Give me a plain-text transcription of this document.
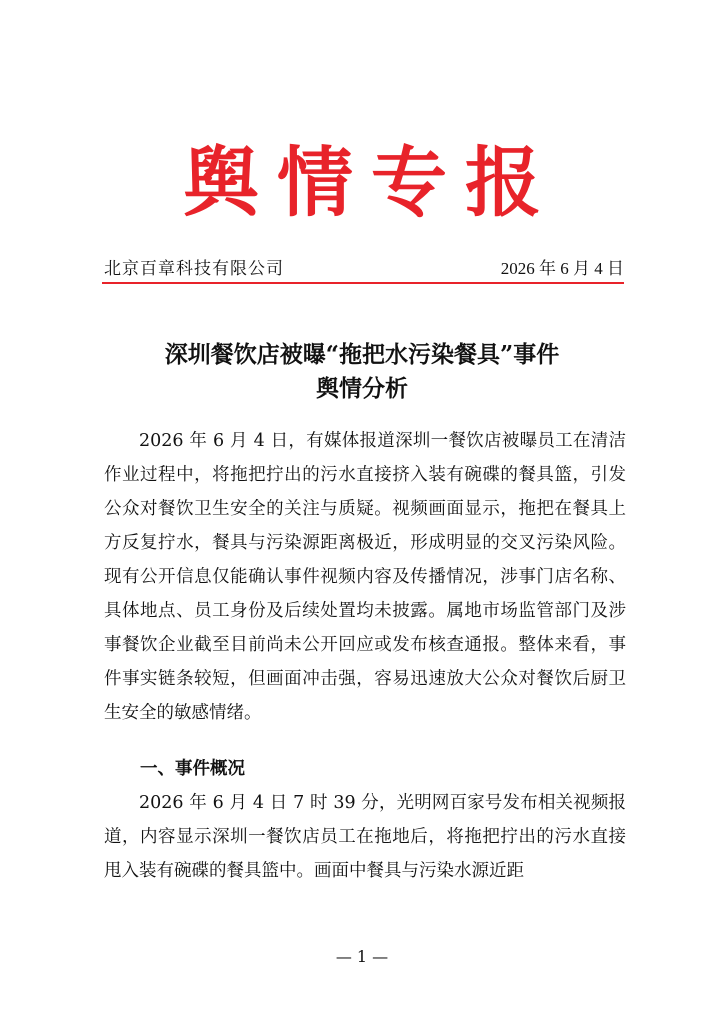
舆情专报
北京百章科技有限公司	2026 年 6 月 4 日
深圳餐饮店被曝“拖把水污染餐具”事件
舆情分析

2026 年 6 月 4 日，有媒体报道深圳一餐饮店被曝员工在清洁作业过程中，将拖把拧出的污水直接挤入装有碗碟的餐具篮，引发公众对餐饮卫生安全的关注与质疑。视频画面显示，拖把在餐具上方反复拧水，餐具与污染源距离极近，形成明显的交叉污染风险。现有公开信息仅能确认事件视频内容及传播情况，涉事门店名称、具体地点、员工身份及后续处置均未披露。属地市场监管部门及涉事餐饮企业截至目前尚未公开回应或发布核查通报。整体来看，事件事实链条较短，但画面冲击强，容易迅速放大公众对餐饮后厨卫生安全的敏感情绪。

一、事件概况

2026 年 6 月 4 日 7 时 39 分，光明网百家号发布相关视频报道，内容显示深圳一餐饮店员工在拖地后，将拖把拧出的污水直接甩入装有碗碟的餐具篮中。画面中餐具与污染水源近距

— 1 —
